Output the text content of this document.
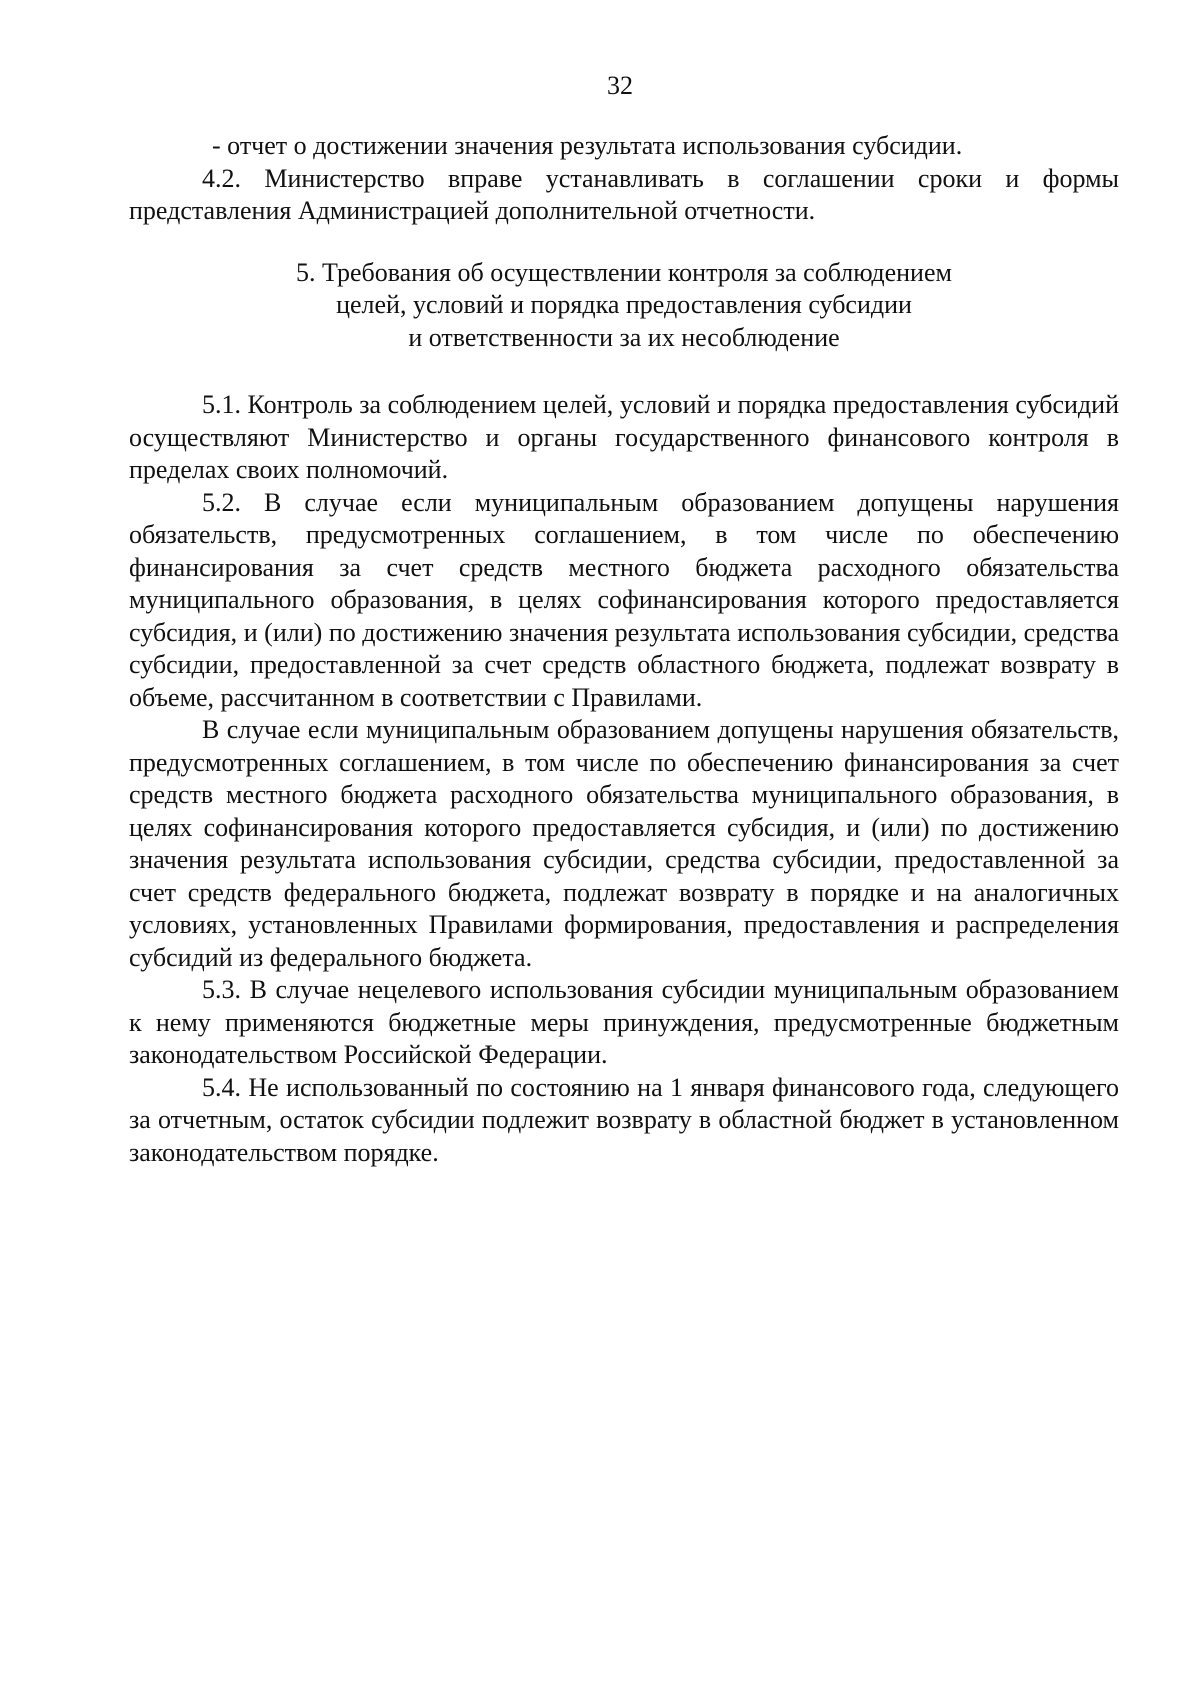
32

- отчет о достижении значения результата использования субсидии.

4.2. Министерство вправе устанавливать в соглашении сроки и формы представления Администрацией дополнительной отчетности.

5. Требования об осуществлении контроля за соблюдением
целей, условий и порядка предоставления субсидии
и ответственности за их несоблюдение

5.1. Контроль за соблюдением целей, условий и порядка предоставления субсидий осуществляют Министерство и органы государственного финансового контроля в пределах своих полномочий.

5.2. В случае если муниципальным образованием допущены нарушения обязательств, предусмотренных соглашением, в том числе по обеспечению финансирования за счет средств местного бюджета расходного обязательства муниципального образования, в целях софинансирования которого предоставляется субсидия, и (или) по достижению значения результата использования субсидии, средства субсидии, предоставленной за счет средств областного бюджета, подлежат возврату в объеме, рассчитанном в соответствии с Правилами.

В случае если муниципальным образованием допущены нарушения обязательств, предусмотренных соглашением, в том числе по обеспечению финансирования за счет средств местного бюджета расходного обязательства муниципального образования, в целях софинансирования которого предоставляется субсидия, и (или) по достижению значения результата использования субсидии, средства субсидии, предоставленной за счет средств федерального бюджета, подлежат возврату в порядке и на аналогичных условиях, установленных Правилами формирования, предоставления и распределения субсидий из федерального бюджета.

5.3. В случае нецелевого использования субсидии муниципальным образованием к нему применяются бюджетные меры принуждения, предусмотренные бюджетным законодательством Российской Федерации.

5.4. Не использованный по состоянию на 1 января финансового года, следующего за отчетным, остаток субсидии подлежит возврату в областной бюджет в установленном законодательством порядке.
